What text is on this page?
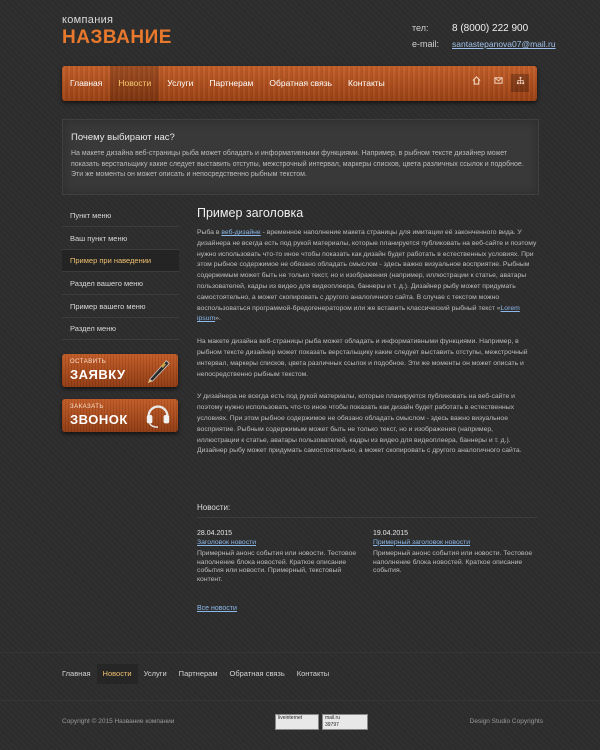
компания
НАЗВАНИЕ	тел:	8 (8000) 222 900
e-mail:	santastepanova07@mail.ru
Главная	Новости	Услуги	Партнерам	Обратная связь	Контакты
Почему выбирают нас?

На макете дизайна веб-страницы рыба может обладать и информативными функциями. Например, в рыбном тексте дизайнер может показать верстальщику какие следует выставить отступы, межстрочный интервал, маркеры списков, цвета различных ссылок и подобное. Эти же моменты он может описать и непосредственно рыбным текстом.

Пункт меню
Ваш пункт меню
Пример при наведении
Раздел вашего меню
Пример вашего меню
Раздел меню
ОСТАВИТЬ
ЗАЯВКУ
ЗАКАЗАТЬ
ЗВОНОК
Пример заголовка

Рыба в веб-дизайне - временное наполнение макета страницы для имитации её законченного вида. У дизайнера не всегда есть под рукой материалы, которые планируется публиковать на веб-сайте и поэтому нужно использовать что-то иное чтобы показать как дизайн будет работать в естественных условиях. При этом рыбное содержимое не обязано обладать смыслом - здесь важно визуальное восприятие. Рыбным содержимым может быть не только текст, но и изображения (например, иллюстрации к статье, аватары пользователей, кадры из видео для видеоплеера, баннеры и т. д.). Дизайнер рыбу может придумать самостоятельно, а может скопировать с другого аналогичного сайта. В случае с текстом можно воспользоваться программой-бредогенератором или же вставить классический рыбный текст «Lorem ipsum».

На макете дизайна веб-страницы рыба может обладать и информативными функциями. Например, в рыбном тексте дизайнер может показать верстальщику какие следует выставить отступы, межстрочный интервал, маркеры списков, цвета различных ссылок и подобное. Эти же моменты он может описать и непосредственно рыбным текстом.

У дизайнера не всегда есть под рукой материалы, которые планируется публиковать на веб-сайте и поэтому нужно использовать что-то иное чтобы показать как дизайн будет работать в естественных условиях. При этом рыбное содержимое не обязано обладать смыслом - здесь важно визуальное восприятие. Рыбным содержимым может быть не только текст, но и изображения (например, иллюстрации к статье, аватары пользователей, кадры из видео для видеоплеера, баннеры и т. д.). Дизайнер рыбу может придумать самостоятельно, а может скопировать с другого аналогичного сайта.

Новости:
28.04.2015
Заголовок новости
Примерный анонс события или новости. Тестовое наполнение блока новостей. Краткое описание события или новости. Примерный, текстовый контент.
19.04.2015
Примерный заголовок новости
Примерный анонс события или новости. Тестовое наполнение блока новостей. Краткое описание события.
Все новости
Главная	Новости	Услуги	Партнерам	Обратная связь	Контакты
Copyright © 2015 Название компании	liveinternet	mail.ru
39797	Design Studio Copyrights
